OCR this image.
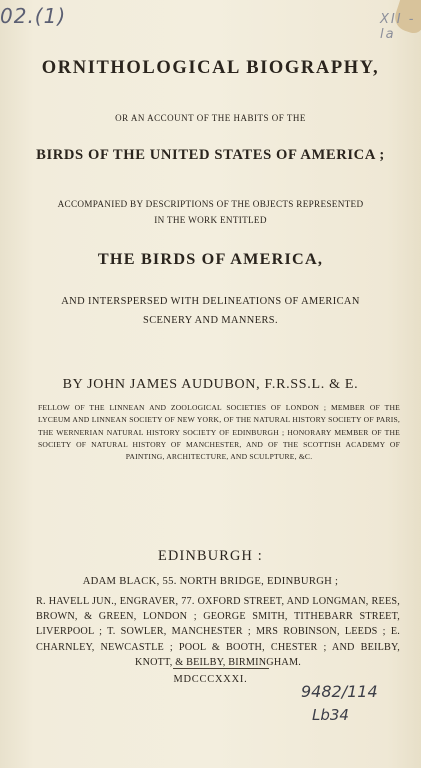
02.(1)	XII - la
ORNITHOLOGICAL BIOGRAPHY,
OR AN ACCOUNT OF THE HABITS OF THE
BIRDS OF THE UNITED STATES OF AMERICA ;
ACCOMPANIED BY DESCRIPTIONS OF THE OBJECTS REPRESENTED
IN THE WORK ENTITLED
THE BIRDS OF AMERICA,
AND INTERSPERSED WITH DELINEATIONS OF AMERICAN
SCENERY AND MANNERS.
BY JOHN JAMES AUDUBON, F.R.SS.L. & E.
FELLOW OF THE LINNEAN AND ZOOLOGICAL SOCIETIES OF LONDON ; MEMBER OF THE LYCEUM AND LINNEAN SOCIETY OF NEW YORK, OF THE NATURAL HISTORY SOCIETY OF PARIS, THE WERNERIAN NATURAL HISTORY SOCIETY OF EDINBURGH ; HONORARY MEMBER OF THE SOCIETY OF NATURAL HISTORY OF MANCHESTER, AND OF THE SCOTTISH ACADEMY OF PAINTING, ARCHITECTURE, AND SCULPTURE, &C.
EDINBURGH :
ADAM BLACK, 55. NORTH BRIDGE, EDINBURGH ;
R. HAVELL JUN., ENGRAVER, 77. OXFORD STREET, AND LONGMAN, REES, BROWN, & GREEN, LONDON ; GEORGE SMITH, TITHEBARR STREET, LIVERPOOL ; T. SOWLER, MANCHESTER ; MRS ROBINSON, LEEDS ; E. CHARNLEY, NEWCASTLE ; POOL & BOOTH, CHESTER ; AND BEILBY, KNOTT, & BEILBY, BIRMINGHAM.
MDCCCXXXI.
9482/114
Lb34
